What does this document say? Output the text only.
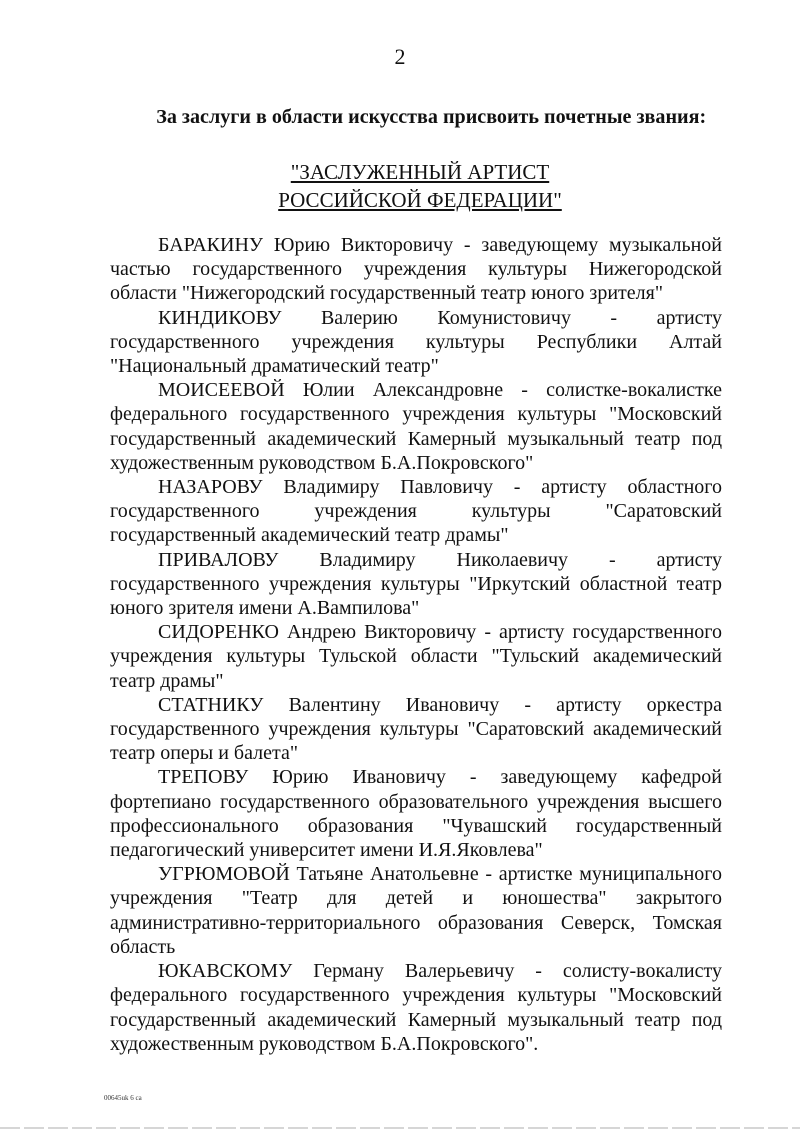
2
За заслуги в области искусства присвоить почетные звания:
"ЗАСЛУЖЕННЫЙ АРТИСТ
РОССИЙСКОЙ ФЕДЕРАЦИИ"

БАРАКИНУ Юрию Викторовичу - заведующему музыкальной частью государственного учреждения культуры Нижегородской области "Нижегородский государственный театр юного зрителя"

КИНДИКОВУ Валерию Комунистовичу - артисту государственного учреждения культуры Республики Алтай "Национальный драматический театр"

МОИСЕЕВОЙ Юлии Александровне - солистке-вокалистке федерального государственного учреждения культуры "Московский государственный академический Камерный музыкальный театр под художественным руководством Б.А.Покровского"

НАЗАРОВУ Владимиру Павловичу - артисту областного государственного учреждения культуры "Саратовский государственный академический театр драмы"

ПРИВАЛОВУ Владимиру Николаевичу - артисту государственного учреждения культуры "Иркутский областной театр юного зрителя имени А.Вампилова"

СИДОРЕНКО Андрею Викторовичу - артисту государственного учреждения культуры Тульской области "Тульский академический театр драмы"

СТАТНИКУ Валентину Ивановичу - артисту оркестра государственного учреждения культуры "Саратовский академический театр оперы и балета"

ТРЕПОВУ Юрию Ивановичу - заведующему кафедрой фортепиано государственного образовательного учреждения высшего профессионального образования "Чувашский государственный педагогический университет имени И.Я.Яковлева"

УГРЮМОВОЙ Татьяне Анатольевне - артистке муниципального учреждения "Театр для детей и юношества" закрытого административно-территориального образования Северск, Томская область

ЮКАВСКОМУ Герману Валерьевичу - солисту-вокалисту федерального государственного учреждения культуры "Московский государственный академический Камерный музыкальный театр под художественным руководством Б.А.Покровского".

00645uk 6 ca
